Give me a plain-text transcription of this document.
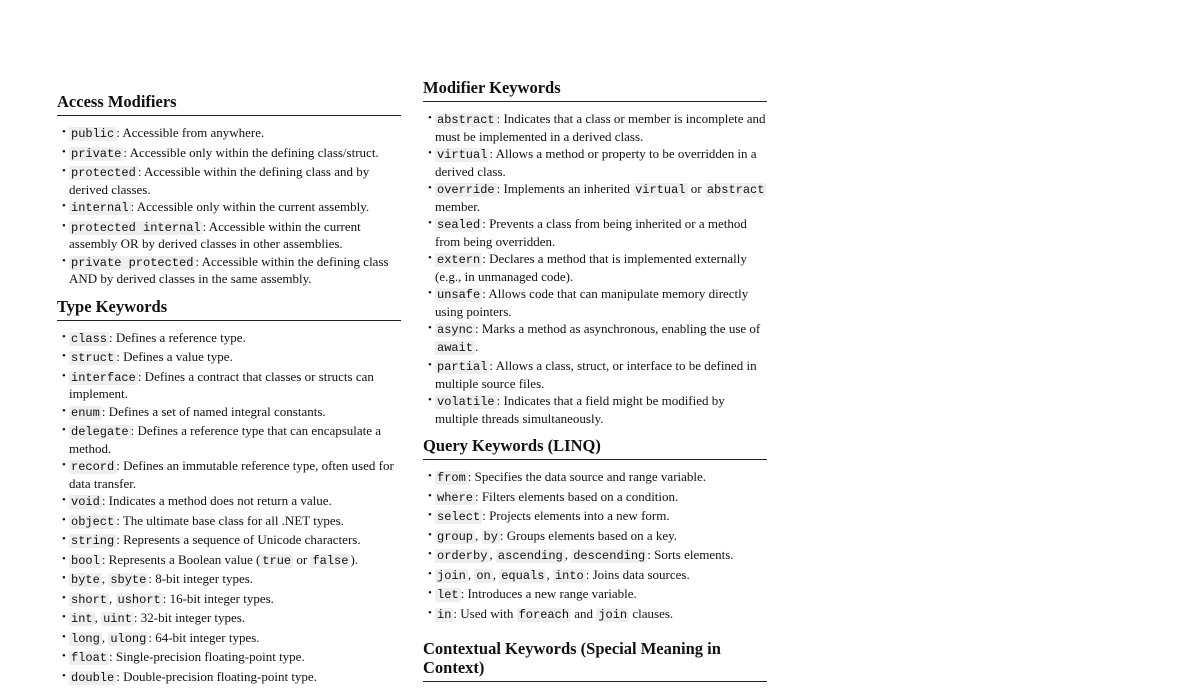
Access Modifiers
• public : Accessible from anywhere.
• private : Accessible only within the defining class/struct.
• protected : Accessible within the defining class and by derived classes.
• internal : Accessible only within the current assembly.
• protected internal : Accessible within the current assembly OR by derived classes in other assemblies.
• private protected : Accessible within the defining class AND by derived classes in the same assembly.
Type Keywords
• class : Defines a reference type.
• struct : Defines a value type.
• interface : Defines a contract that classes or structs can implement.
• enum : Defines a set of named integral constants.
• delegate : Defines a reference type that can encapsulate a method.
• record : Defines an immutable reference type, often used for data transfer.
• void : Indicates a method does not return a value.
• object : The ultimate base class for all .NET types.
• string : Represents a sequence of Unicode characters.
• bool : Represents a Boolean value ( true or false ).
• byte , sbyte : 8-bit integer types.
• short , ushort : 16-bit integer types.
• int , uint : 32-bit integer types.
• long , ulong : 64-bit integer types.
• float : Single-precision floating-point type.
• double : Double-precision floating-point type.
Modifier Keywords
• abstract : Indicates that a class or member is incomplete and must be implemented in a derived class.
• virtual : Allows a method or property to be overridden in a derived class.
• override : Implements an inherited virtual or abstract member.
• sealed : Prevents a class from being inherited or a method from being overridden.
• extern : Declares a method that is implemented externally (e.g., in unmanaged code).
• unsafe : Allows code that can manipulate memory directly using pointers.
• async : Marks a method as asynchronous, enabling the use of await .
• partial : Allows a class, struct, or interface to be defined in multiple source files.
• volatile : Indicates that a field might be modified by multiple threads simultaneously.
Query Keywords (LINQ)
• from : Specifies the data source and range variable.
• where : Filters elements based on a condition.
• select : Projects elements into a new form.
• group , by : Groups elements based on a key.
• orderby , ascending , descending : Sorts elements.
• join , on , equals , into : Joins data sources.
• let : Introduces a new range variable.
• in : Used with foreach and join clauses.
Contextual Keywords (Special Meaning in Context)
